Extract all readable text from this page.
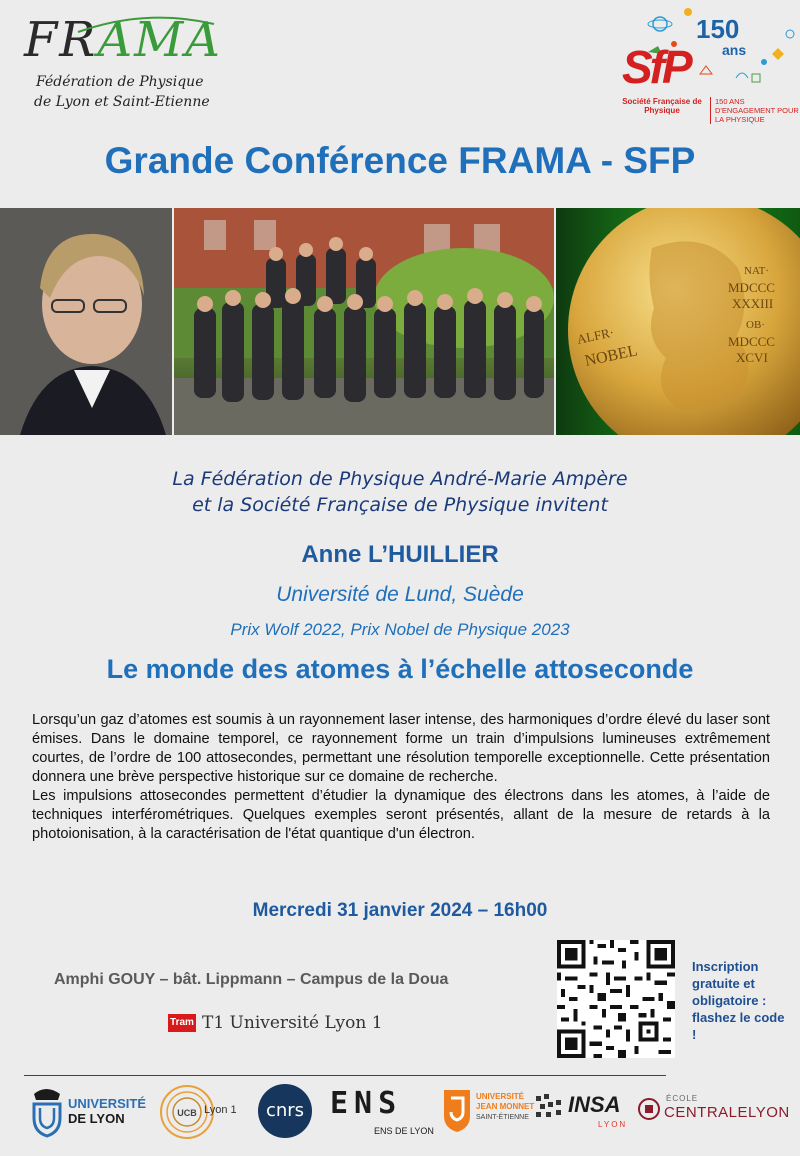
FRAMA
Fédération de Physique
de Lyon et Saint-Etienne
150
ans
SfP
Société Française de Physique
150 ANS D'ENGAGEMENT POUR LA PHYSIQUE
Grande Conférence FRAMA - SFP
NAT·
MDCCC
XXXIII
OB·
MDCCC
XCVI
ALFR·
NOBEL
La Fédération de Physique André-Marie Ampère
et la Société Française de Physique invitent
Anne L’HUILLIER
Université de Lund, Suède
Prix Wolf 2022, Prix Nobel de Physique 2023
Le monde des atomes à l’échelle attoseconde

Lorsqu’un gaz d’atomes est soumis à un rayonnement laser intense, des harmoniques d’ordre élevé du laser sont émises. Dans le domaine temporel, ce rayonnement forme un train d’impulsions lumineuses extrêmement courtes, de l’ordre de 100 attosecondes, permettant une résolution temporelle exceptionnelle. Cette présentation donnera une brève perspective historique sur ce domaine de recherche.

Les impulsions attosecondes permettent d’étudier la dynamique des électrons dans les atomes, à l’aide de techniques interférométriques. Quelques exemples seront présentés, allant de la mesure de retards à la photoionisation, à la caractérisation de l'état quantique d'un électron.

Mercredi 31 janvier 2024 – 16h00
Amphi GOUY – bât. Lippmann – Campus de la Doua
Tram T1 Université Lyon 1
Inscription gratuite et obligatoire : flashez le code !
UNIVERSITÉ
DE LYON	UCB Lyon 1	cnrs ENS
ENS DE LYON
UNIVERSITÉ
JEAN MONNET
SAINT-ÉTIENNE
INSA
LYON
ÉCOLE
CENTRALELYON
